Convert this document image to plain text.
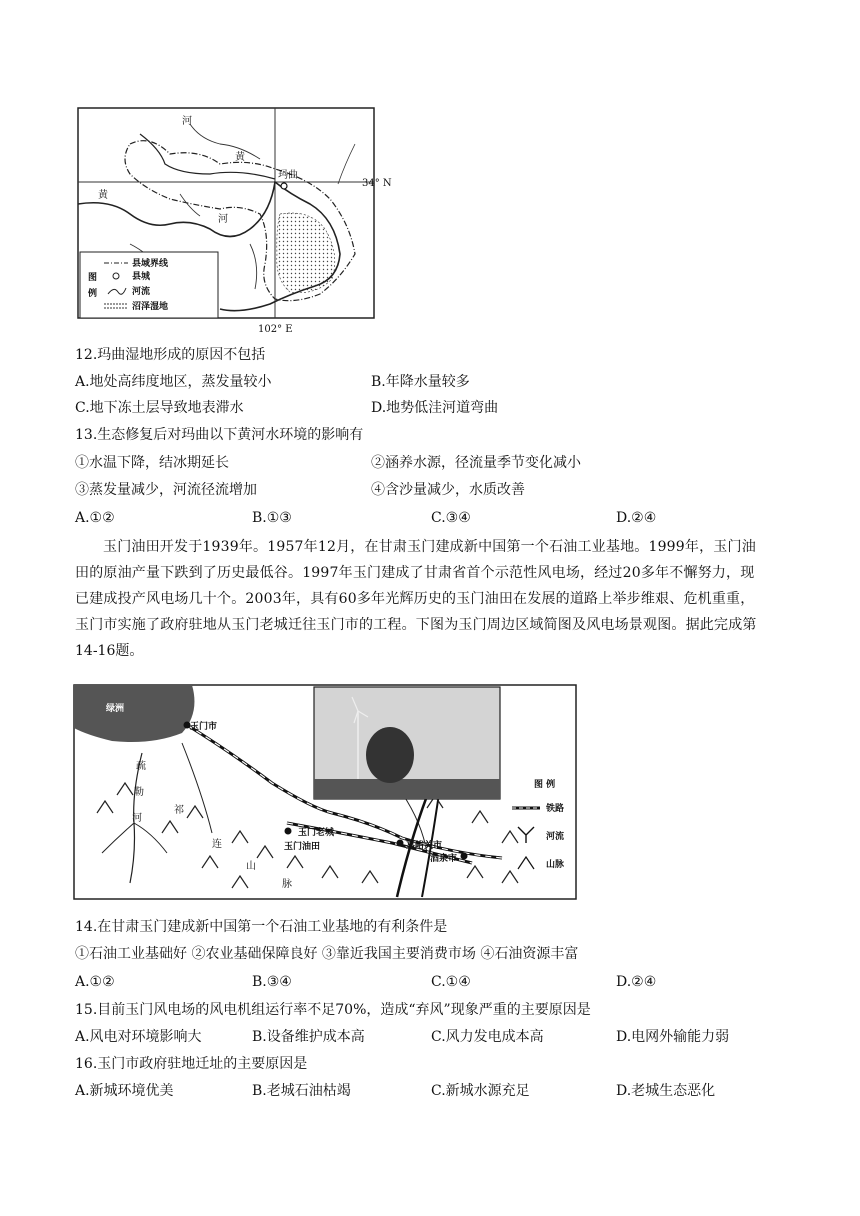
河
黄
黄
河
玛曲
34° N
102° E
图
例
县域界线
县城
河流
沼泽湿地
12.玛曲湿地形成的原因不包括
A.地处高纬度地区，蒸发量较小	B.年降水量较多
C.地下冻土层导致地表滞水	D.地势低洼河道弯曲
13.生态修复后对玛曲以下黄河水环境的影响有
①水温下降，结冰期延长	②涵养水源，径流量季节变化减小
③蒸发量减少，河流径流增加	④含沙量减少，水质改善
A.①②	B.①③	C.③④	D.②④
玉门油田开发于1939年。1957年12月，在甘肃玉门建成新中国第一个石油工业基地。1999年，玉门油
田的原油产量下跌到了历史最低谷。1997年玉门建成了甘肃省首个示范性风电场，经过20多年不懈努力，现
已建成投产风电场几十个。2003年，具有60多年光辉历史的玉门油田在发展的道路上举步维艰、危机重重，
玉门市实施了政府驻地从玉门老城迁往玉门市的工程。下图为玉门周边区域简图及风电场景观图。据此完成第
14-16题。
绿洲
玉门市
疏
勒
河
祁
连
山
脉
玉门老城
玉门油田	嘉峪关市
酒泉市
图 例
铁路
河流
山脉
14.在甘肃玉门建成新中国第一个石油工业基地的有利条件是
①石油工业基础好 ②农业基础保障良好 ③靠近我国主要消费市场 ④石油资源丰富
A.①②	B.③④	C.①④	D.②④
15.目前玉门风电场的风电机组运行率不足70%，造成“弃风”现象严重的主要原因是
A.风电对环境影响大	B.设备维护成本高	C.风力发电成本高	D.电网外输能力弱
16.玉门市政府驻地迁址的主要原因是
A.新城环境优美	B.老城石油枯竭	C.新城水源充足	D.老城生态恶化
